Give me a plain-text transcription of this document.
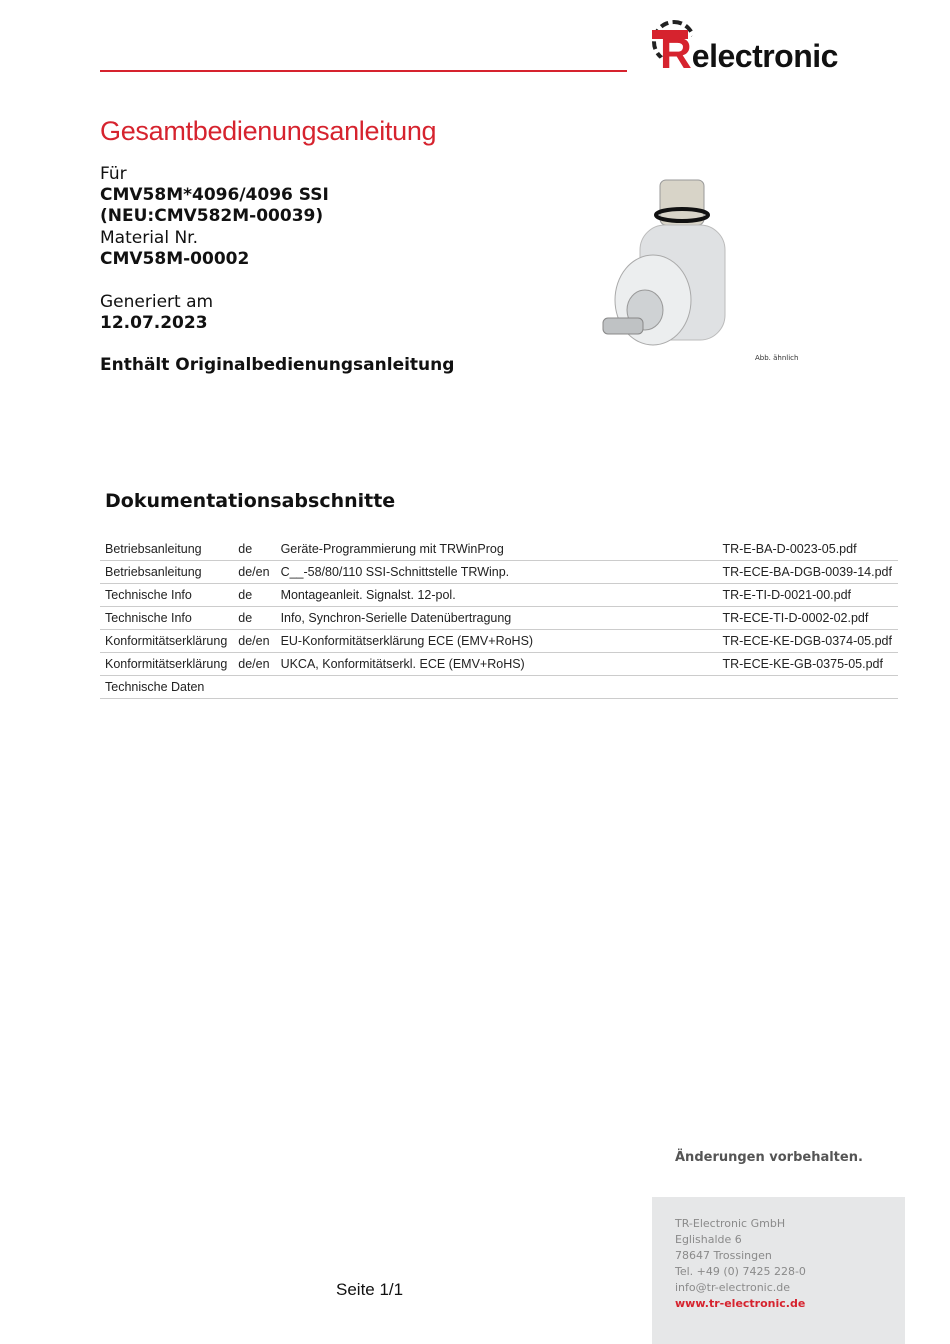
R electronic
Gesamtbedienungsanleitung
Für
CMV58M*4096/4096 SSI
(NEU:CMV582M-00039)
Material Nr.
CMV58M-00002
Generiert am
12.07.2023
Enthält Originalbedienungsanleitung	Abb. ähnlich
Dokumentationsabschnitte
Betriebsanleitung	de	Geräte-Programmierung mit TRWinProg	TR-E-BA-D-0023-05.pdf
Betriebsanleitung	de/en	C__-58/80/110 SSI-Schnittstelle TRWinp.	TR-ECE-BA-DGB-0039-14.pdf
Technische Info	de	Montageanleit. Signalst. 12-pol.	TR-E-TI-D-0021-00.pdf
Technische Info	de	Info, Synchron-Serielle Datenübertragung	TR-ECE-TI-D-0002-02.pdf
Konformitätserklärung	de/en	EU-Konformitätserklärung ECE (EMV+RoHS)	TR-ECE-KE-DGB-0374-05.pdf
Konformitätserklärung	de/en	UKCA, Konformitätserkl. ECE (EMV+RoHS)	TR-ECE-KE-GB-0375-05.pdf
Technische Daten			
Änderungen vorbehalten.
TR-Electronic GmbH
Eglishalde 6
78647 Trossingen
Tel. +49 (0) 7425 228-0
info@tr-electronic.de
www.tr-electronic.de
Seite 1/1
